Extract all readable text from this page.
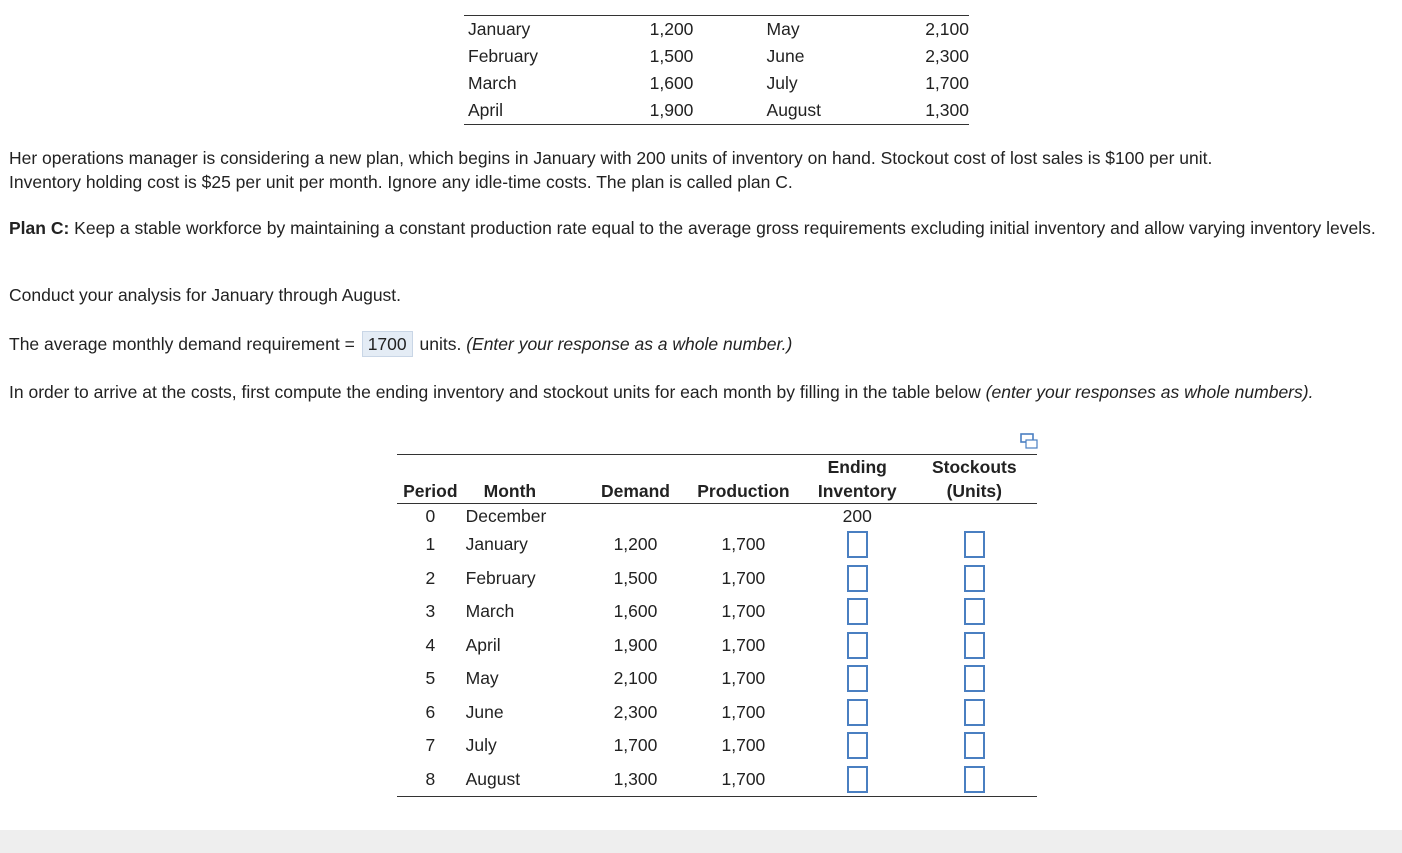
January	1,200		May	2,100
February	1,500		June	2,300
March	1,600		July	1,700
April	1,900		August	1,300

Her operations manager is considering a new plan, which begins in January with 200 units of inventory on hand. Stockout cost of lost sales is $100 per unit.
Inventory holding cost is $25 per unit per month. Ignore any idle-time costs. The plan is called plan C.

Plan C: Keep a stable workforce by maintaining a constant production rate equal to the average gross requirements excluding initial inventory and allow varying inventory levels.

Conduct your analysis for January through August.

The average monthly demand requirement = 1700 units. (Enter your response as a whole number.)

In order to arrive at the costs, first compute the ending inventory and stockout units for each month by filling in the table below (enter your responses as whole numbers).

Period	Month	Demand	Production	Ending
Inventory	Stockouts
(Units)
0	December			200	
1	January	1,200	1,700		
2	February	1,500	1,700		
3	March	1,600	1,700		
4	April	1,900	1,700		
5	May	2,100	1,700		
6	June	2,300	1,700		
7	July	1,700	1,700		
8	August	1,300	1,700		
